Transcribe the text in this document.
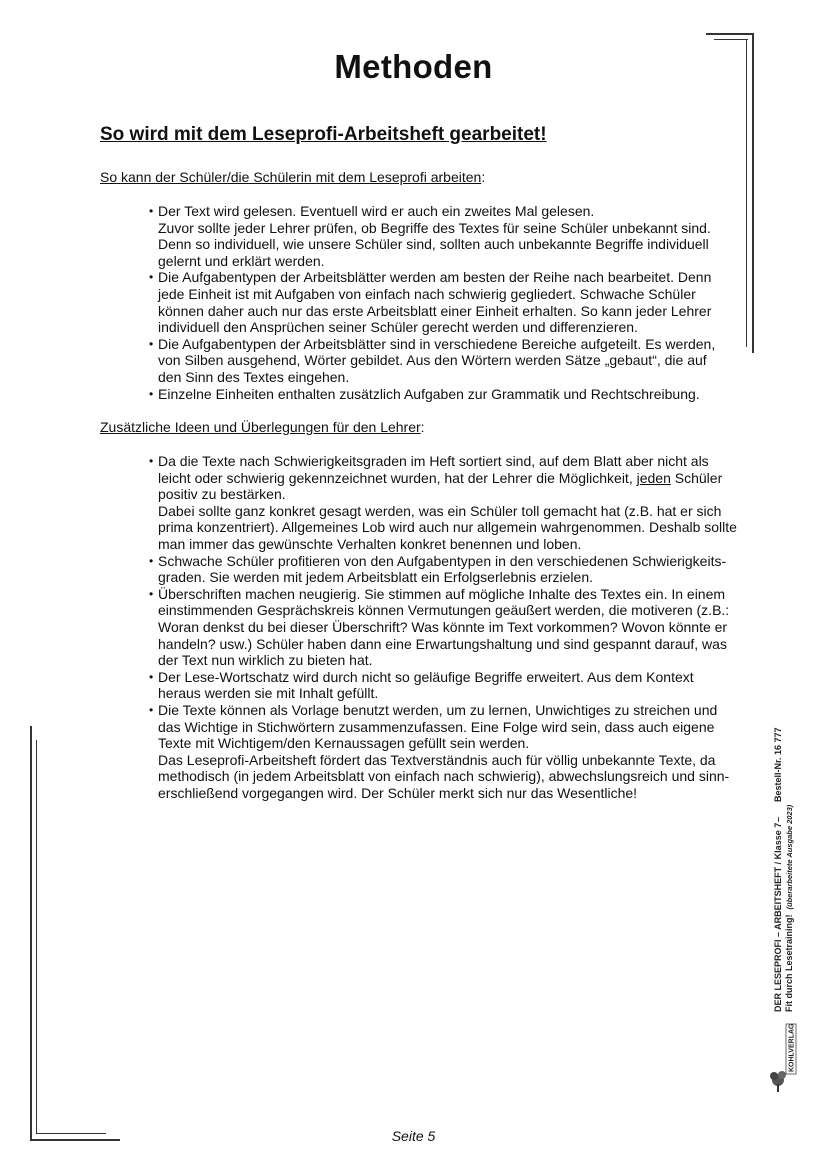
Methoden
So wird mit dem Leseprofi-Arbeitsheft gearbeitet!
So kann der Schüler/die Schülerin mit dem Leseprofi arbeiten:

• Der Text wird gelesen. Eventuell wird er auch ein zweites Mal gelesen.

Zuvor sollte jeder Lehrer prüfen, ob Begriffe des Textes für seine Schüler unbekannt sind.

Denn so individuell, wie unsere Schüler sind, sollten auch unbekannte Begriffe individuell

gelernt und erklärt werden.

• Die Aufgabentypen der Arbeitsblätter werden am besten der Reihe nach bearbeitet. Denn

jede Einheit ist mit Aufgaben von einfach nach schwierig gegliedert. Schwache Schüler

können daher auch nur das erste Arbeitsblatt einer Einheit erhalten. So kann jeder Lehrer

individuell den Ansprüchen seiner Schüler gerecht werden und differenzieren.

• Die Aufgabentypen der Arbeitsblätter sind in verschiedene Bereiche aufgeteilt. Es werden,

von Silben ausgehend, Wörter gebildet. Aus den Wörtern werden Sätze „gebaut“, die auf

den Sinn des Textes eingehen.

• Einzelne Einheiten enthalten zusätzlich Aufgaben zur Grammatik und Rechtschreibung.

Zusätzliche Ideen und Überlegungen für den Lehrer:

• Da die Texte nach Schwierigkeitsgraden im Heft sortiert sind, auf dem Blatt aber nicht als

leicht oder schwierig gekennzeichnet wurden, hat der Lehrer die Möglichkeit, jeden Schüler

positiv zu bestärken.

Dabei sollte ganz konkret gesagt werden, was ein Schüler toll gemacht hat (z.B. hat er sich

prima konzentriert). Allgemeines Lob wird auch nur allgemein wahrgenommen. Deshalb sollte

man immer das gewünschte Verhalten konkret benennen und loben.

• Schwache Schüler profitieren von den Aufgabentypen in den verschiedenen Schwierigkeits-

graden. Sie werden mit jedem Arbeitsblatt ein Erfolgserlebnis erzielen.

• Überschriften machen neugierig. Sie stimmen auf mögliche Inhalte des Textes ein. In einem

einstimmenden Gesprächskreis können Vermutungen geäußert werden, die motiveren (z.B.:

Woran denkst du bei dieser Überschrift? Was könnte im Text vorkommen? Wovon könnte er

handeln? usw.) Schüler haben dann eine Erwartungshaltung und sind gespannt darauf, was

der Text nun wirklich zu bieten hat.

• Der Lese-Wortschatz wird durch nicht so geläufige Begriffe erweitert. Aus dem Kontext

heraus werden sie mit Inhalt gefüllt.

• Die Texte können als Vorlage benutzt werden, um zu lernen, Unwichtiges zu streichen und

das Wichtige in Stichwörtern zusammenzufassen. Eine Folge wird sein, dass auch eigene

Texte mit Wichtigem/den Kernaussagen gefüllt sein werden.

Das Leseprofi-Arbeitsheft fördert das Textverständnis auch für völlig unbekannte Texte, da

methodisch (in jedem Arbeitsblatt von einfach nach schwierig), abwechslungsreich und sinn-

erschließend vorgegangen wird. Der Schüler merkt sich nur das Wesentliche!

DER LESEPROFI – ARBEITSHEFT / Klasse 7 Fit durch Lesetraining!  (überarbeitete Ausgabe 2023)
–
Bestell-Nr. 16 777
KOHLVERLAG
Seite 5
